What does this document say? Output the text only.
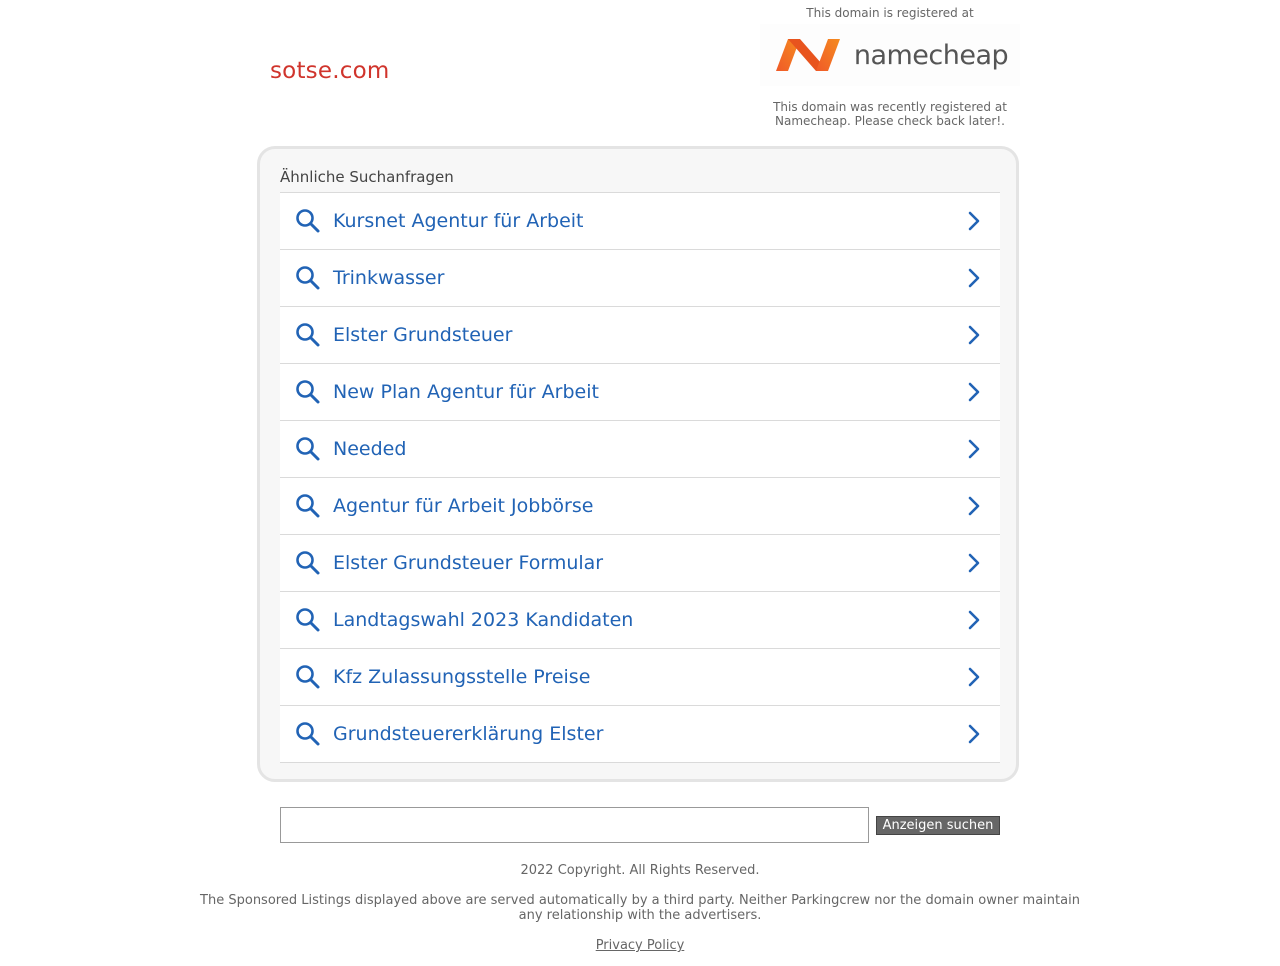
sotse.com
This domain is registered at
namecheap
This domain was recently registered at
Namecheap. Please check back later!.
Ähnliche Suchanfragen
Kursnet Agentur für Arbeit
Trinkwasser
Elster Grundsteuer
New Plan Agentur für Arbeit
Needed
Agentur für Arbeit Jobbörse
Elster Grundsteuer Formular
Landtagswahl 2023 Kandidaten
Kfz Zulassungsstelle Preise
Grundsteuererklärung Elster
Anzeigen suchen
2022 Copyright. All Rights Reserved.
The Sponsored Listings displayed above are served automatically by a third party. Neither Parkingcrew nor the domain owner maintain any relationship with the advertisers.
Privacy Policy
